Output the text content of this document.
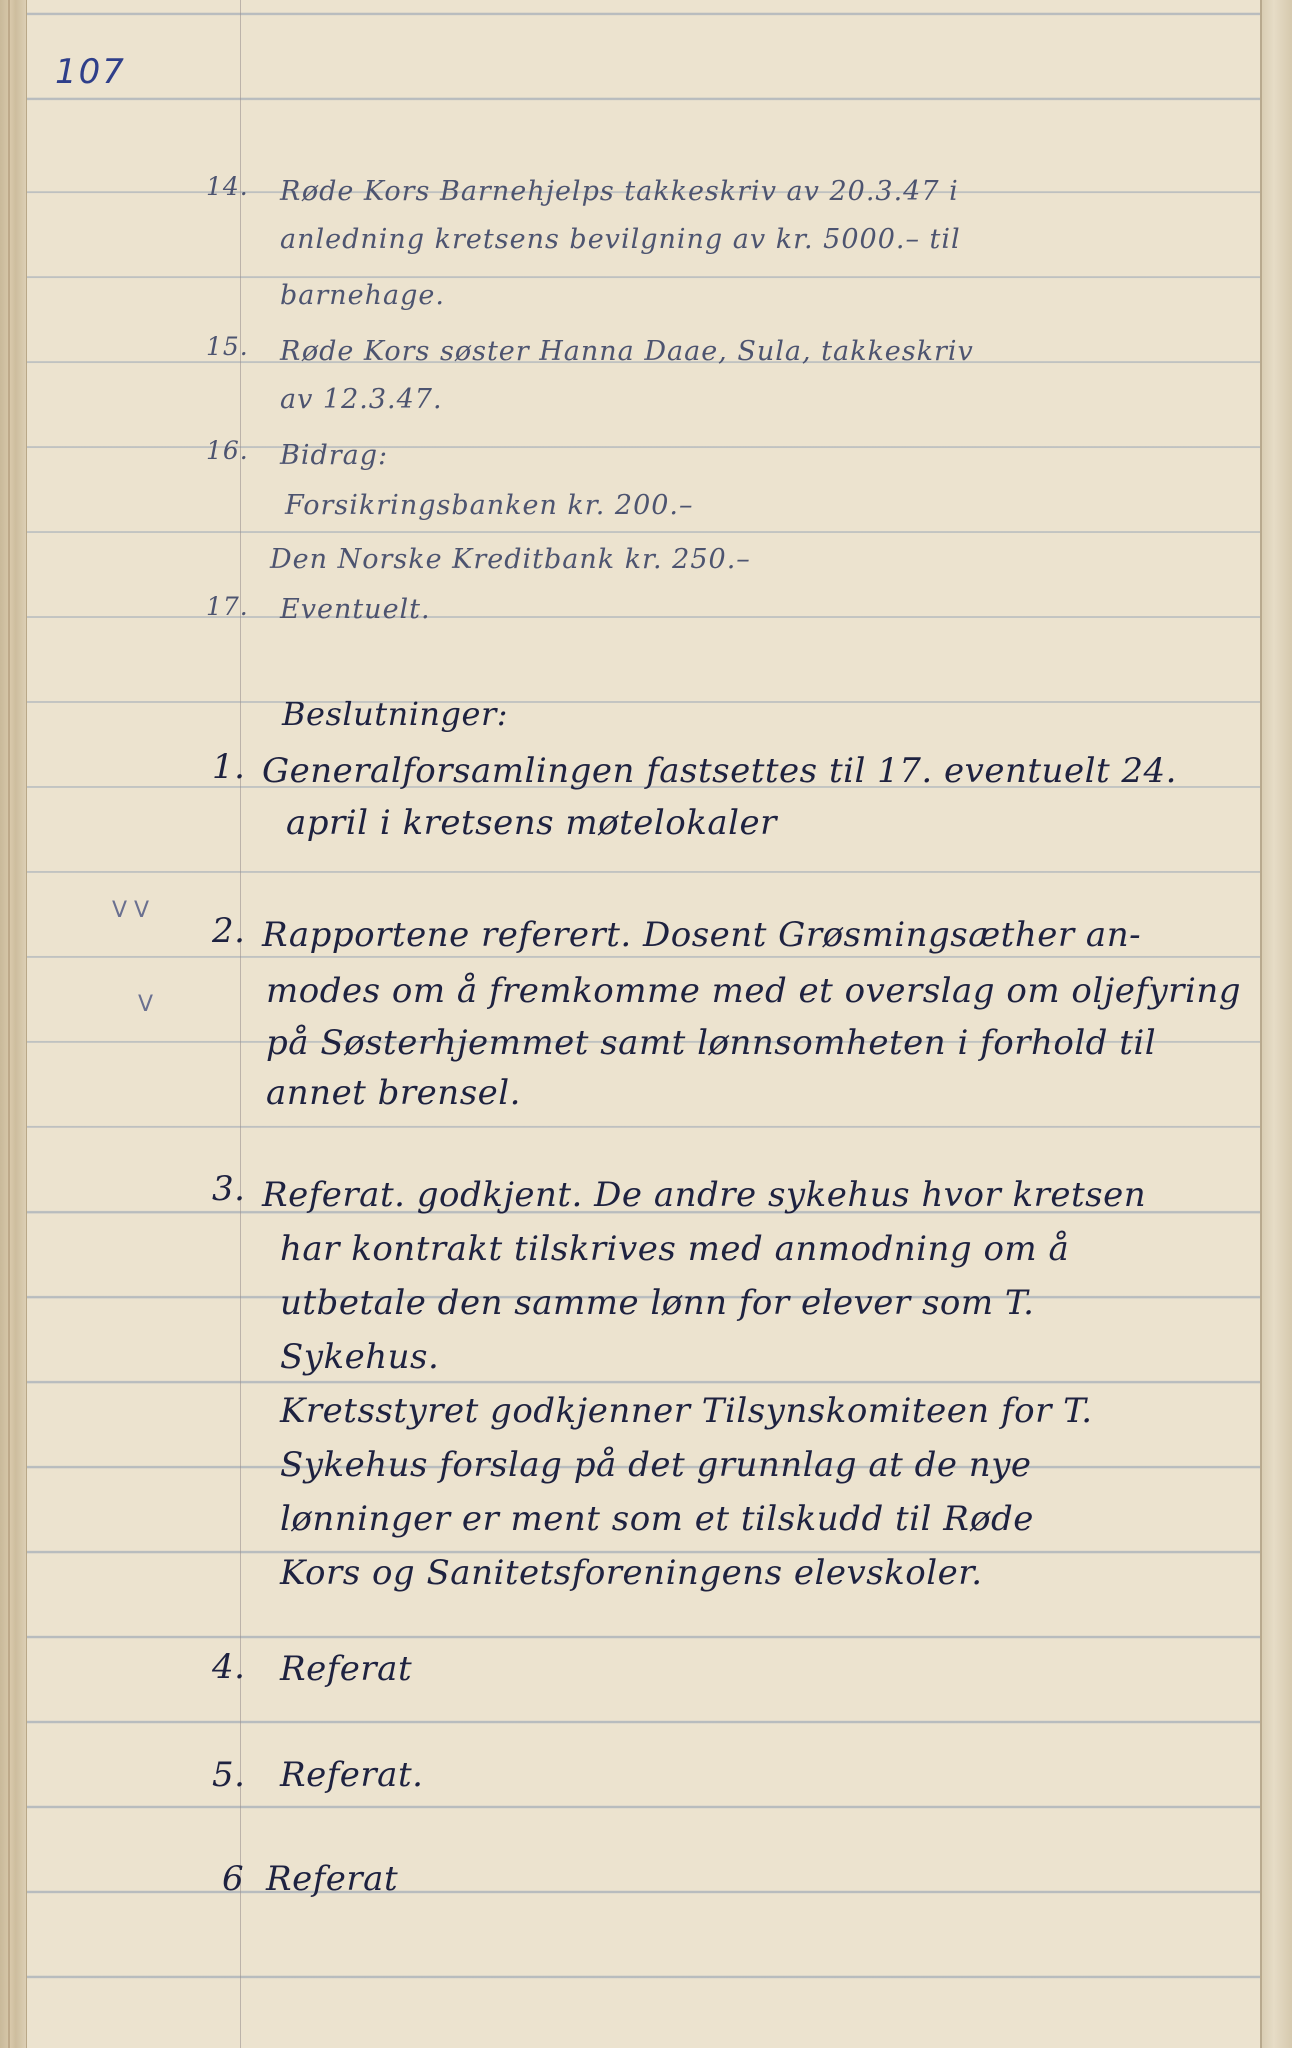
107
14. Røde Kors Barnehjelps takkeskriv av 20.3.47 i
anledning kretsens bevilgning av kr. 5000.– til
barnehage.
15. Røde Kors søster Hanna Daae, Sula, takkeskriv
av 12.3.47.
16. Bidrag:
Forsikringsbanken kr. 200.–
Den Norske Kreditbank kr. 250.–
17. Eventuelt.
Beslutninger:
1. Generalforsamlingen fastsettes til 17. eventuelt 24.
april i kretsens møtelokaler
V V
V
2. Rapportene referert. Dosent Grøsmingsæther an-
modes om å fremkomme med et overslag om oljefyring
på Søsterhjemmet samt lønnsomheten i forhold til
annet brensel.
3. Referat. godkjent. De andre sykehus hvor kretsen
har kontrakt tilskrives med anmodning om å
utbetale den samme lønn for elever som T.
Sykehus.
Kretsstyret godkjenner Tilsynskomiteen for T.
Sykehus forslag på det grunnlag at de nye
lønninger er ment som et tilskudd til Røde
Kors og Sanitetsforeningens elevskoler.
4. Referat
5. Referat.
6 Referat
